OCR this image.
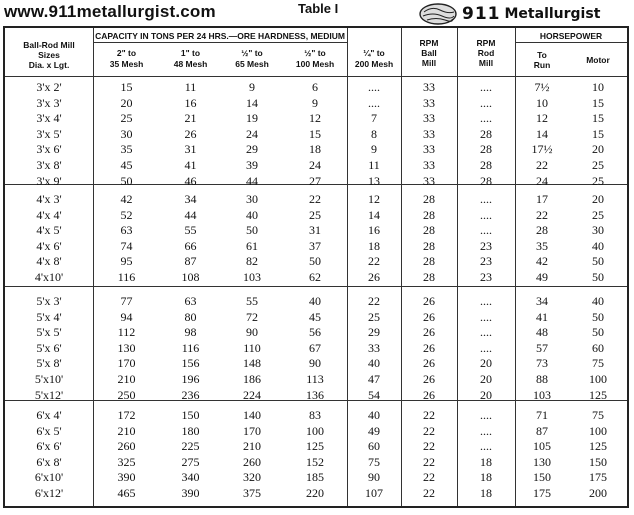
www.911metallurgist.com	Table I	911 Metallurgist
Ball-Rod Mill
Sizes
Dia. x Lgt.
CAPACITY IN TONS PER 24 HRS.—ORE HARDNESS, MEDIUM
2" to
35 Mesh
1" to
48 Mesh
½" to
65 Mesh
½" to
100 Mesh
¼" to
200 Mesh
RPM
Ball
Mill
RPM
Rod
Mill
HORSEPOWER
To
Run	Motor
3'x 2'	15	11	9	6	....	33	....	7½	10
3'x 3'	20	16	14	9	....	33	....	10	15
3'x 4'	25	21	19	12	7	33	....	12	15
3'x 5'	30	26	24	15	8	33	28	14	15
3'x 6'	35	31	29	18	9	33	28	17½	20
3'x 8'	45	41	39	24	11	33	28	22	25
3'x 9'	50	46	44	27	13	33	28	24	25
4'x 3'	42	34	30	22	12	28	....	17	20
4'x 4'	52	44	40	25	14	28	....	22	25
4'x 5'	63	55	50	31	16	28	....	28	30
4'x 6'	74	66	61	37	18	28	23	35	40
4'x 8'	95	87	82	50	22	28	23	42	50
4'x10'	116	108	103	62	26	28	23	49	50
5'x 3'	77	63	55	40	22	26	....	34	40
5'x 4'	94	80	72	45	25	26	....	41	50
5'x 5'	112	98	90	56	29	26	....	48	50
5'x 6'	130	116	110	67	33	26	....	57	60
5'x 8'	170	156	148	90	40	26	20	73	75
5'x10'	210	196	186	113	47	26	20	88	100
5'x12'	250	236	224	136	54	26	20	103	125
6'x 4'	172	150	140	83	40	22	....	71	75
6'x 5'	210	180	170	100	49	22	....	87	100
6'x 6'	260	225	210	125	60	22	....	105	125
6'x 8'	325	275	260	152	75	22	18	130	150
6'x10'	390	340	320	185	90	22	18	150	175
6'x12'	465	390	375	220	107	22	18	175	200
